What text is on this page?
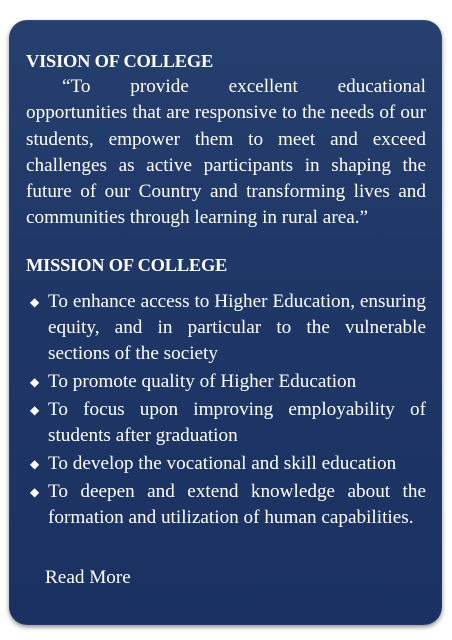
VISION OF COLLEGE

“To provide excellent educational opportunities that are responsive to the needs of our students, empower them to meet and exceed challenges as active participants in shaping the future of our Country and transforming lives and communities through learning in rural area.”

MISSION OF COLLEGE
◆ To enhance access to Higher Education, ensuring equity, and in particular to the vulnerable sections of the society
◆ To promote quality of Higher Education
◆ To focus upon improving employability of students after graduation
◆ To develop the vocational and skill education
◆ To deepen and extend knowledge about the formation and utilization of human capabilities.
Read More
